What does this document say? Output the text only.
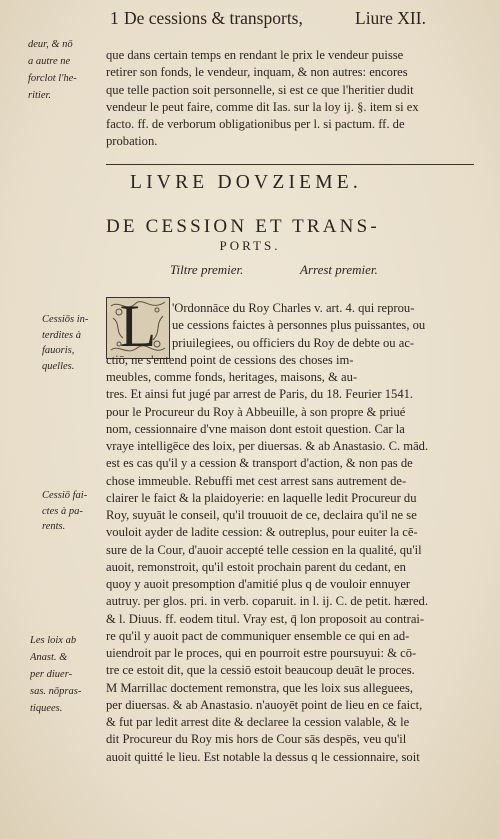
1 De cessions & transports,	Liure XII.
deur, & nō
a autre ne
forclot l'he-
ritier.
que dans certain temps en rendant le prix le vendeur puisse
retirer son fonds, le vendeur, inquam, & non autres: encores
que telle paction soit personnelle, si est ce que l'heritier dudit
vendeur le peut faire, comme dit Ias. sur la loy ij. §. item si ex
facto. ff. de verborum obligationibus per l. si pactum. ff. de
probation.
LIVRE DOVZIEME.
DE CESSION ET TRANS-
PORTS.
Tiltre premier.	Arrest premier.
L
Cessiōs in-
terdites à
fauoris,
quelles.
Cessiō fai-
ctes à pa-
rents.
Les loix ab
Anast. &
per diuer-
sas. nōpras-
tiquees.
'Ordonnāce du Roy Charles v. art. 4. qui reprou-
ue cessions faictes à personnes plus puissantes, ou
priuilegiees, ou officiers du Roy de debte ou ac-
ctiō, ne s'entend point de cessions des choses im-
meubles, comme fonds, heritages, maisons, & au-
tres. Et ainsi fut jugé par arrest de Paris, du 18. Feurier 1541.
pour le Procureur du Roy à Abbeuille, à son propre & priué
nom, cessionnaire d'vne maison dont estoit question. Car la
vraye intelligēce des loix, per diuersas. & ab Anastasio. C. mād.
est es cas qu'il y a cession & transport d'action, & non pas de
chose immeuble. Rebuffi met cest arrest sans autrement de-
clairer le faict & la plaidoyerie: en laquelle ledit Procureur du
Roy, suyuāt le conseil, qu'il trouuoit de ce, declaira qu'il ne se
vouloit ayder de ladite cession: & outreplus, pour euiter la cē-
sure de la Cour, d'auoir accepté telle cession en la qualité, qu'il
auoit, remonstroit, qu'il estoit prochain parent du cedant, en
quoy y auoit presomption d'amitié plus q de vouloir ennuyer
autruy. per glos. pri. in verb. coparuit. in l. ij. C. de petit. hæred.
& l. Diuus. ff. eodem titul. Vray est, q̄ lon proposoit au contrai-
re qu'il y auoit pact de communiquer ensemble ce qui en ad-
uiendroit par le proces, qui en pourroit estre poursuyui: & cō-
tre ce estoit dit, que la cessiō estoit beaucoup deuāt le proces.
M Marrillac doctement remonstra, que les loix sus alleguees,
per diuersas. & ab Anastasio. n'auoyēt point de lieu en ce faict,
& fut par ledit arrest dite & declaree la cession valable, & le
dit Procureur du Roy mis hors de Cour sās despēs, veu qu'il
auoit quitté le lieu. Est notable la dessus q le cessionnaire, soit
